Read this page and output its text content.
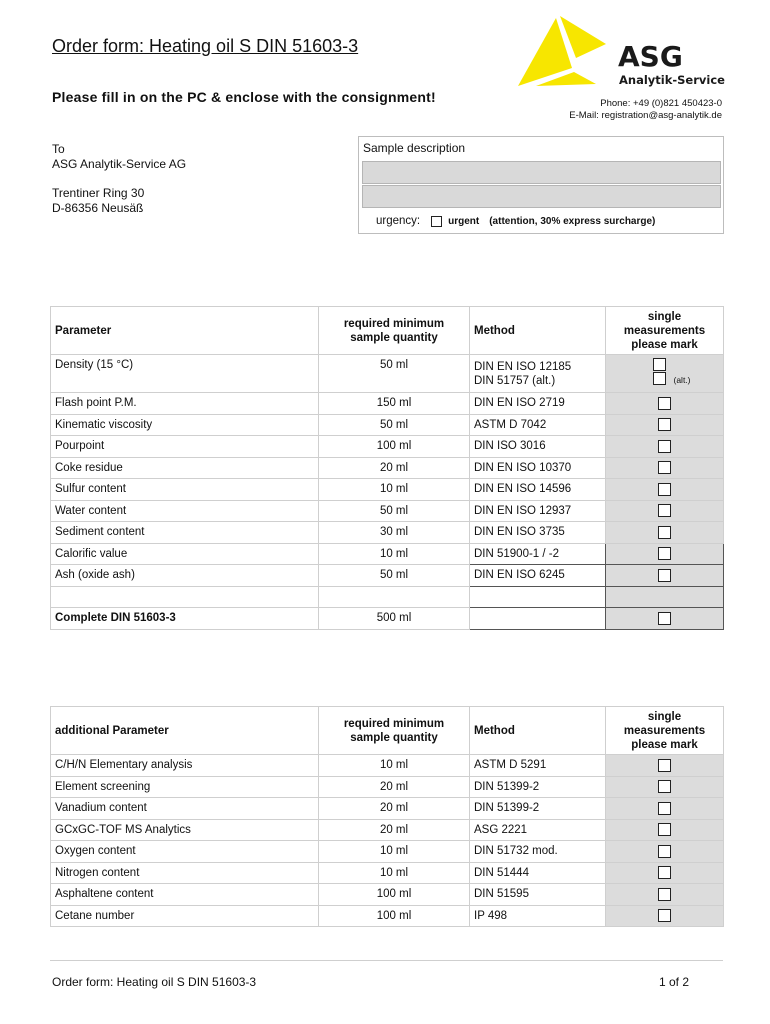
Order form: Heating oil S DIN 51603-3
Please fill in on the PC & enclose with the consignment!
ASG
Analytik-Service
Phone: +49 (0)821 450423-0
E-Mail: registration@asg-analytik.de
To
ASG Analytik-Service AG
Trentiner Ring 30
D-86356 Neusäß
Sample description
urgency:	urgent (attention, 30% express surcharge)
Parameter	required minimum sample quantity	Method	single measurements please mark
Density (15 °C)	50 ml	DIN EN ISO 12185
DIN 51757 (alt.)	(alt.)

Flash point P.M.	150 ml	DIN EN ISO 2719	
Kinematic viscosity	50 ml	ASTM D 7042	
Pourpoint	100 ml	DIN ISO 3016	
Coke residue	20 ml	DIN EN ISO 10370	
Sulfur content	10 ml	DIN EN ISO 14596	
Water content	50 ml	DIN EN ISO 12937	
Sediment content	30 ml	DIN EN ISO 3735	
Calorific value	10 ml	DIN 51900-1 / -2	
Ash (oxide ash)	50 ml	DIN EN ISO 6245	

Complete DIN 51603-3	500 ml		
additional Parameter	required minimum sample quantity	Method	single measurements please mark
C/H/N Elementary analysis	10 ml	ASTM D 5291	
Element screening	20 ml	DIN 51399-2	
Vanadium content	20 ml	DIN 51399-2	
GCxGC-TOF MS Analytics	20 ml	ASG 2221	
Oxygen content	10 ml	DIN 51732 mod.	
Nitrogen content	10 ml	DIN 51444	
Asphaltene content	100 ml	DIN 51595	
Cetane number	100 ml	IP 498	
Order form: Heating oil S DIN 51603-3	1 of 2
